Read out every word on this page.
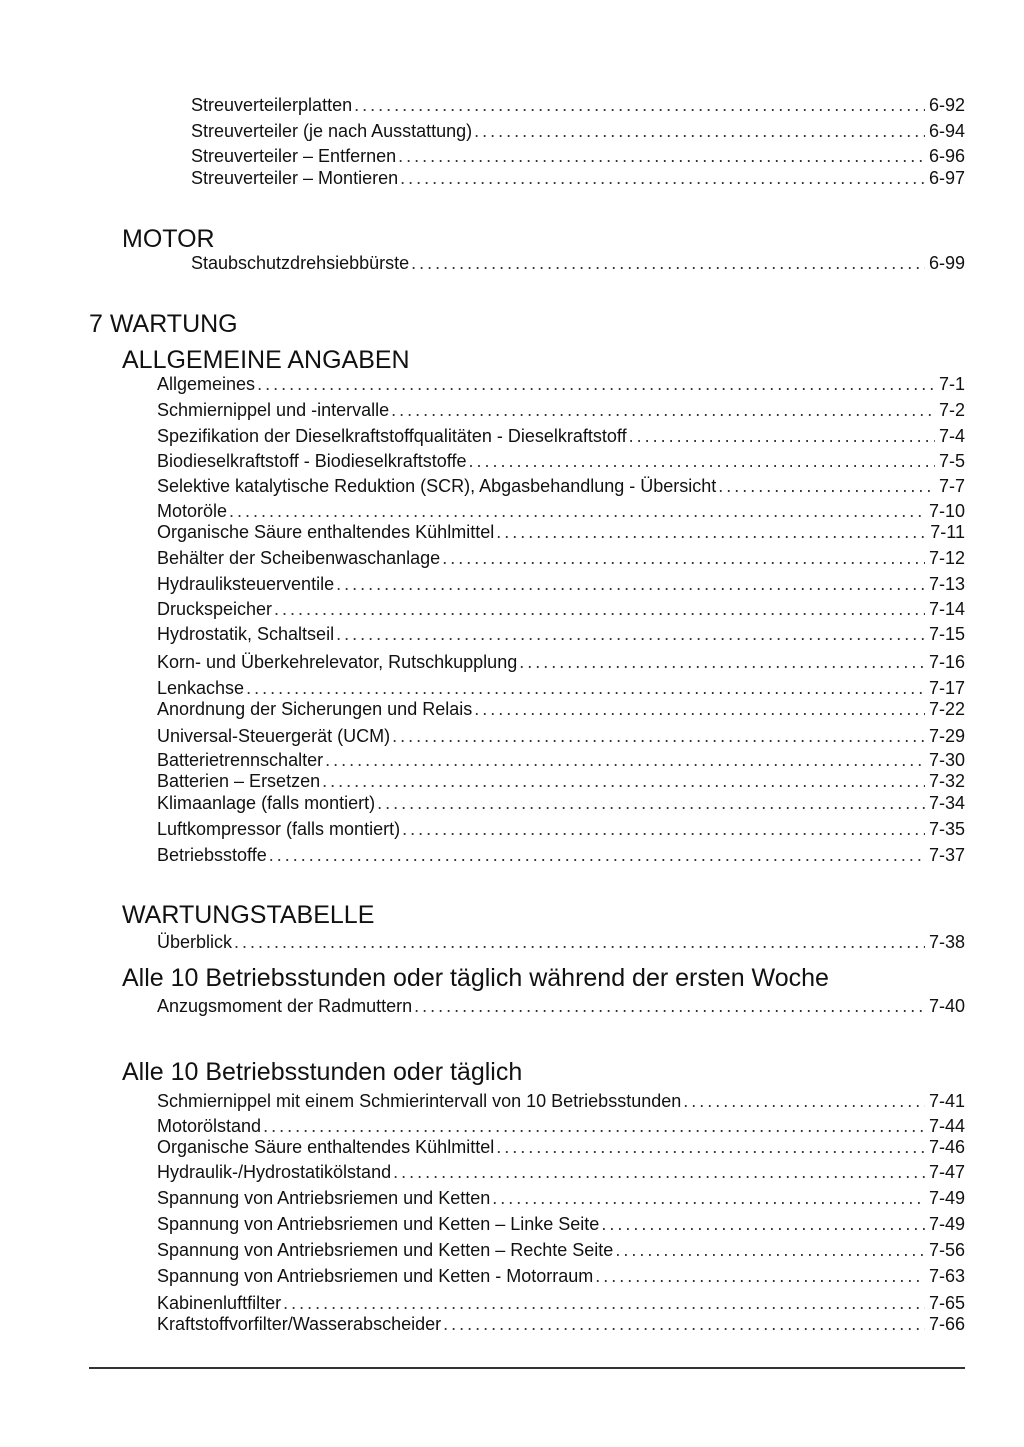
Streuverteilerplatten . . .	6-92
Streuverteiler (je nach Ausstattung) . . .	6-94
Streuverteiler – Entfernen . . .	6-96
Streuverteiler – Montieren . . .	6-97
MOTOR
Staubschutzdrehsiebbürste . . .	6-99
7 WARTUNG
ALLGEMEINE ANGABEN
Allgemeines . . .	7-1
Schmiernippel und -intervalle . . .	7-2
Spezifikation der Dieselkraftstoffqualitäten - Dieselkraftstoff . . .	7-4
Biodieselkraftstoff - Biodieselkraftstoffe . . .	7-5
Selektive katalytische Reduktion (SCR), Abgasbehandlung - Übersicht . . .	7-7
Motoröle . . .	7-10
Organische Säure enthaltendes Kühlmittel . . .	7-11
Behälter der Scheibenwaschanlage . . .	7-12
Hydrauliksteuerventile . . .	7-13
Druckspeicher . . .	7-14
Hydrostatik, Schaltseil . . .	7-15
Korn- und Überkehrelevator, Rutschkupplung . . .	7-16
Lenkachse . . .	7-17
Anordnung der Sicherungen und Relais . . .	7-22
Universal-Steuergerät (UCM) . . .	7-29
Batterietrennschalter . . .	7-30
Batterien – Ersetzen . . .	7-32
Klimaanlage (falls montiert) . . .	7-34
Luftkompressor (falls montiert) . . .	7-35
Betriebsstoffe . . .	7-37
WARTUNGSTABELLE
Überblick . . .	7-38
Alle 10 Betriebsstunden oder täglich während der ersten Woche
Anzugsmoment der Radmuttern . . .	7-40
Alle 10 Betriebsstunden oder täglich
Schmiernippel mit einem Schmierintervall von 10 Betriebsstunden . . .	7-41
Motorölstand . . .	7-44
Organische Säure enthaltendes Kühlmittel . . .	7-46
Hydraulik-/Hydrostatikölstand . . .	7-47
Spannung von Antriebsriemen und Ketten . . .	7-49
Spannung von Antriebsriemen und Ketten – Linke Seite . . .	7-49
Spannung von Antriebsriemen und Ketten – Rechte Seite . . .	7-56
Spannung von Antriebsriemen und Ketten - Motorraum . . .	7-63
Kabinenluftfilter . . .	7-65
Kraftstoffvorfilter/Wasserabscheider . . .	7-66
